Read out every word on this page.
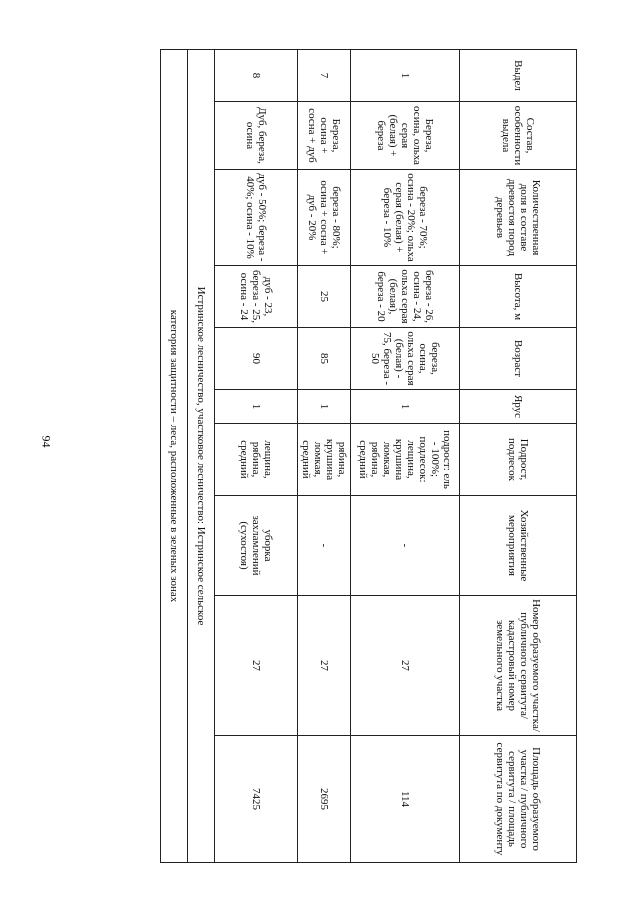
94
Выдел	Состав, особенности выдела	Количественная доля в составе древостоя пород деревьев	Высота, м	Возраст	Ярус	Подрост, подлесок	Хозяйственные мероприятия	Номер образуемого участка/ публичного сервитута/кадастровый номер земельного участка	Площадь образуемого участка / публичного сервитута / площадь сервитута по документу
1	Береза, осина, ольха серая (белая) + береза	береза - 70%; осина - 20%; ольха серая (белая) + береза - 10%	береза - 26, осина - 24, ольха серая (белая), береза - 20	береза, осина, ольха серая (белая) - 75, береза - 50	1	подрост: ель - 100%; подлесок: лещина, крушина ломкая, рябина, средний	-	27	114
7	Береза, осина + сосна + дуб	береза - 80%; осина + сосна + дуб - 20%	25	85	1	рябина, крушина ломкая, средний	-	27	2695
8	Дуб, береза, осина	дуб - 50%; береза - 40%; осина - 10%	дуб - 23, береза - 25, осина - 24	90	1	лещина, рябина, средний	уборка захламлений (сухостоя)	27	7425
Истринское лесничество, участковое лесничество: Истринское сельское									
категория защитности – леса, расположенные в зеленых зонах									
